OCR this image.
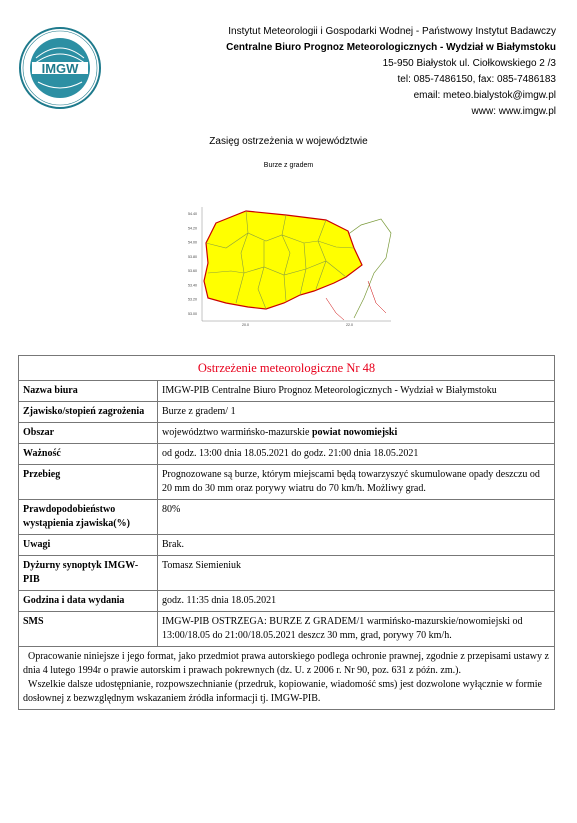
IMGW
Instytut Meteorologii i Gospodarki Wodnej - Państwowy Instytut Badawczy
Centralne Biuro Prognoz Meteorologicznych - Wydział w Białymstoku
15-950 Białystok ul. Ciołkowskiego 2 /3
tel: 085-7486150, fax: 085-7486183
email: meteo.bialystok@imgw.pl
www: www.imgw.pl
Zasięg ostrzeżenia w województwie
Burze z gradem
54.40
54.20
54.00
53.80
53.60
53.40
53.20
53.00
20.0	22.0
Ostrzeżenie meteorologiczne Nr 48	
Nazwa biura	IMGW-PIB Centralne Biuro Prognoz Meteorologicznych - Wydział w Białymstoku
Zjawisko/stopień zagrożenia	Burze z gradem/ 1
Obszar	województwo warmińsko-mazurskie powiat nowomiejski
Ważność	od godz. 13:00 dnia 18.05.2021 do godz. 21:00 dnia 18.05.2021
Przebieg	Prognozowane są burze, którym miejscami będą towarzyszyć skumulowane opady deszczu od 20 mm do 30 mm oraz porywy wiatru do 70 km/h. Możliwy grad.
Prawdopodobieństwo wystąpienia zjawiska(%)	80%
Uwagi	Brak.
Dyżurny synoptyk IMGW-PIB	Tomasz Siemieniuk
Godzina i data wydania	godz. 11:35 dnia 18.05.2021
SMS	IMGW-PIB OSTRZEGA: BURZE Z GRADEM/1 warmińsko-mazurskie/nowomiejski od 13:00/18.05 do 21:00/18.05.2021 deszcz 30 mm, grad, porywy 70 km/h.

Opracowanie niniejsze i jego format, jako przedmiot prawa autorskiego podlega ochronie prawnej, zgodnie z przepisami ustawy z dnia 4 lutego 1994r o prawie autorskim i prawach pokrewnych (dz. U. z 2006 r. Nr 90, poz. 631 z późn. zm.).
Wszelkie dalsze udostępnianie, rozpowszechnianie (przedruk, kopiowanie, wiadomość sms) jest dozwolone wyłącznie w formie dosłownej z bezwzględnym wskazaniem źródła informacji tj. IMGW-PIB.	
